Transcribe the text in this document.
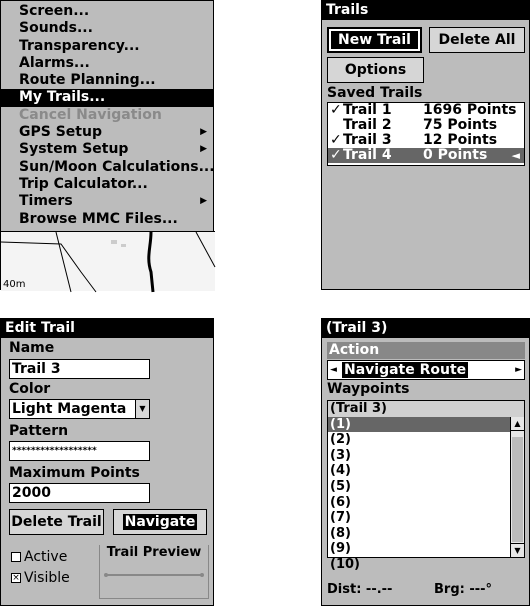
Screen...
Sounds...
Transparency...
Alarms...
Route Planning...
My Trails...
Cancel Navigation
GPS Setup	▶
System Setup	▶
Sun/Moon Calculations...
Trip Calculator...
Timers	▶
Browse MMC Files...
40m
Trails
New Trail	Delete All
Options
Saved Trails
✓ Trail 1 1696 Points
Trail 2 75 Points
✓ Trail 3 12 Points
✓ Trail 4 0 Points ◄
Edit Trail
Name
Trail 3
Color
Light Magenta	▼
Pattern
******************
Maximum Points
2000
Delete Trail	Navigate
Active
× Visible
Trail Preview
(Trail 3)
Action
◄ Navigate Route	►
Waypoints
(Trail 3)
(1)
(2)
(3)
(4)
(5)
(6)
(7)
(8)
(9)
(10)
▲
▼
Dist: --.--	Brg: ---°
